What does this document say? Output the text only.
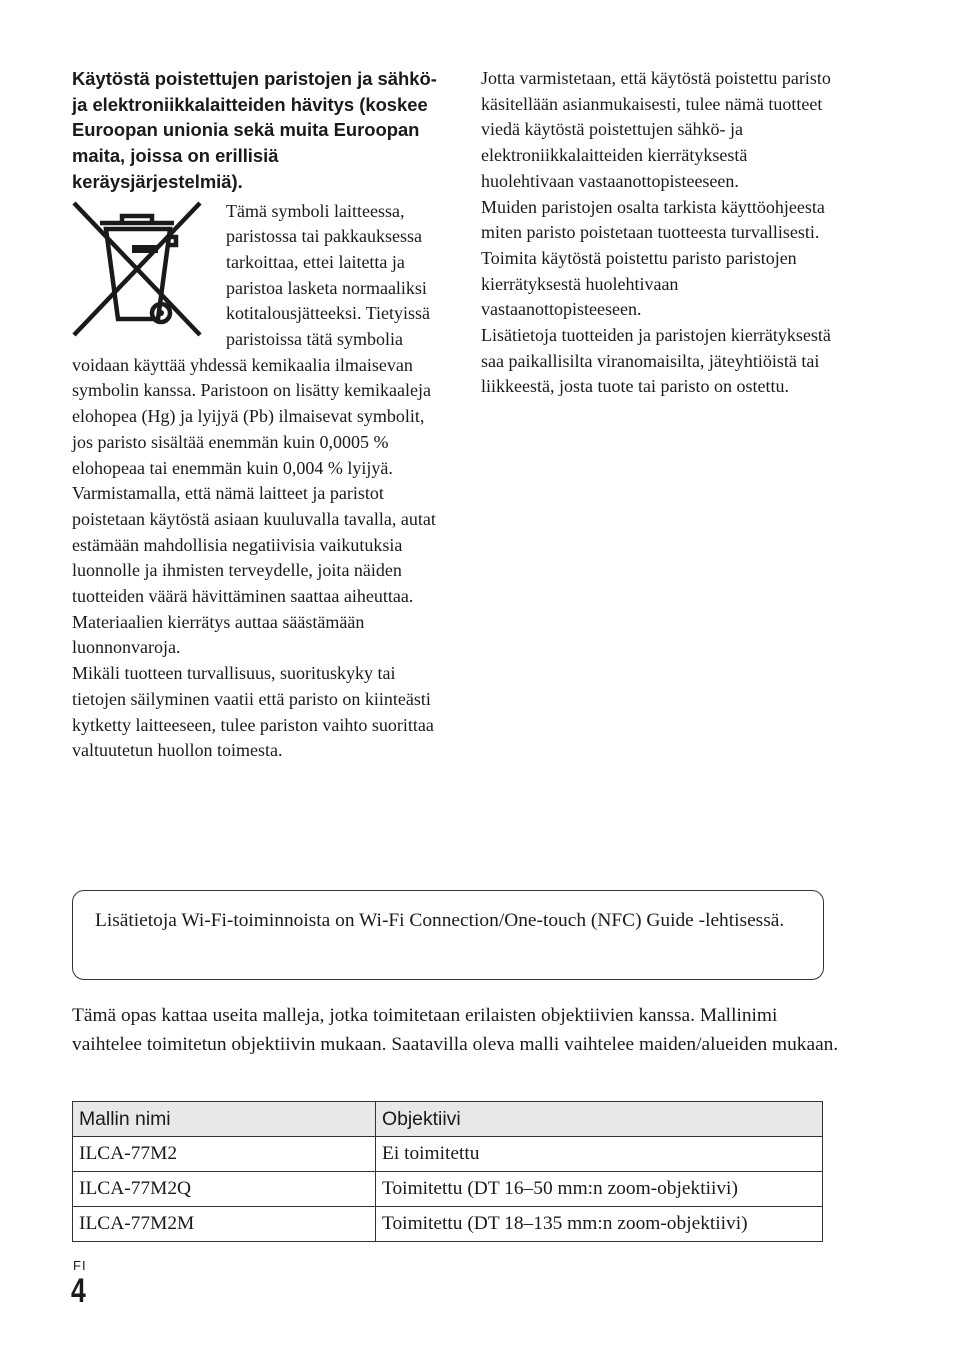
Käytöstä poistettujen paristojen ja sähkö- ja elektroniikkalaitteiden hävitys (koskee Euroopan unionia sekä muita Euroopan maita, joissa on erillisiä keräysjärjestelmiä).

Tämä symboli laitteessa, paristossa tai pakkauksessa tarkoittaa, ettei laitetta ja paristoa lasketa normaaliksi kotitalousjätteeksi. Tietyissä paristoissa tätä symbolia voidaan käyttää yhdessä kemikaalia ilmaisevan symbolin kanssa. Paristoon on lisätty kemikaaleja elohopea (Hg) ja lyijyä (Pb) ilmaisevat symbolit, jos paristo sisältää enemmän kuin 0,0005 % elohopeaa tai enemmän kuin 0,004 % lyijyä.

Varmistamalla, että nämä laitteet ja paristot poistetaan käytöstä asiaan kuuluvalla tavalla, autat estämään mahdollisia negatiivisia vaikutuksia luonnolle ja ihmisten terveydelle, joita näiden tuotteiden väärä hävittäminen saattaa aiheuttaa. Materiaalien kierrätys auttaa säästämään luonnonvaroja.

Mikäli tuotteen turvallisuus, suorituskyky tai tietojen säilyminen vaatii että paristo on kiinteästi kytketty laitteeseen, tulee pariston vaihto suorittaa valtuutetun huollon toimesta.

Jotta varmistetaan, että käytöstä poistettu paristo käsitellään asianmukaisesti, tulee nämä tuotteet viedä käytöstä poistettujen sähkö- ja elektroniikkalaitteiden kierrätyksestä huolehtivaan vastaanottopisteeseen.

Muiden paristojen osalta tarkista käyttöohjeesta miten paristo poistetaan tuotteesta turvallisesti. Toimita käytöstä poistettu paristo paristojen kierrätyksestä huolehtivaan vastaanottopisteeseen.

Lisätietoja tuotteiden ja paristojen kierrätyksestä saa paikallisilta viranomaisilta, jäteyhtiöistä tai liikkeestä, josta tuote tai paristo on ostettu.

Lisätietoja Wi-Fi-toiminnoista on Wi-Fi Connection/One-touch (NFC) Guide -lehtisessä.

Tämä opas kattaa useita malleja, jotka toimitetaan erilaisten objektiivien kanssa. Mallinimi vaihtelee toimitetun objektiivin mukaan. Saatavilla oleva malli vaihtelee maiden/alueiden mukaan.

Mallin nimi	Objektiivi
ILCA-77M2	Ei toimitettu
ILCA-77M2Q	Toimitettu (DT 16–50 mm:n zoom-objektiivi)
ILCA-77M2M	Toimitettu (DT 18–135 mm:n zoom-objektiivi)
FI
4
